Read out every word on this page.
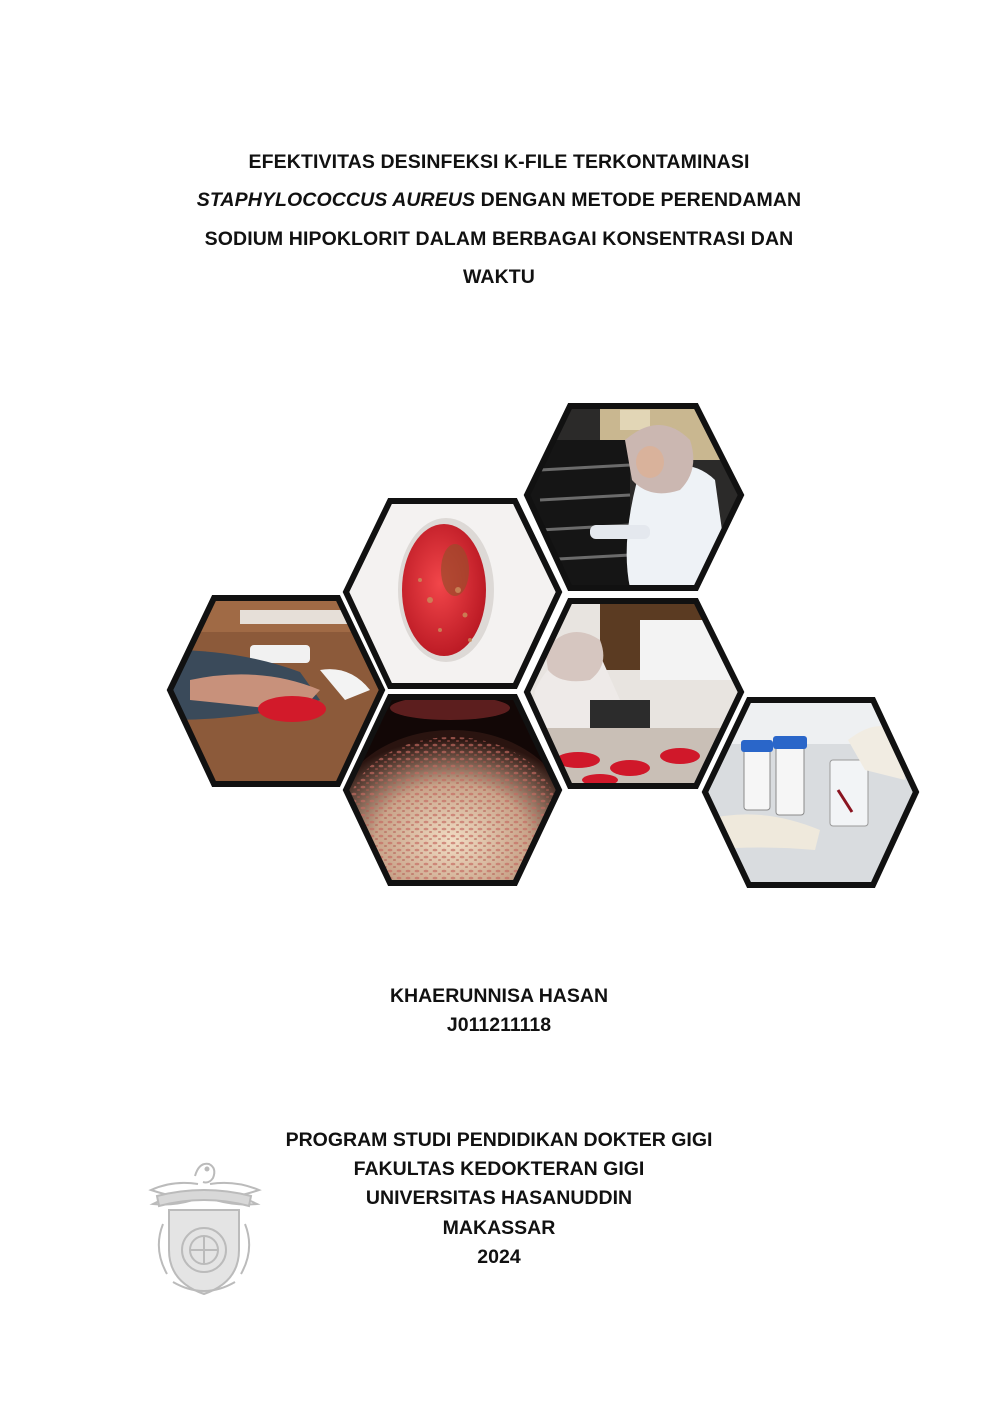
EFEKTIVITAS DESINFEKSI K-FILE TERKONTAMINASI
STAPHYLOCOCCUS AUREUS DENGAN METODE PERENDAMAN
SODIUM HIPOKLORIT DALAM BERBAGAI KONSENTRASI DAN
WAKTU
KHAERUNNISA HASAN
J011211118
PROGRAM STUDI PENDIDIKAN DOKTER GIGI
FAKULTAS KEDOKTERAN GIGI
UNIVERSITAS HASANUDDIN
MAKASSAR
2024
